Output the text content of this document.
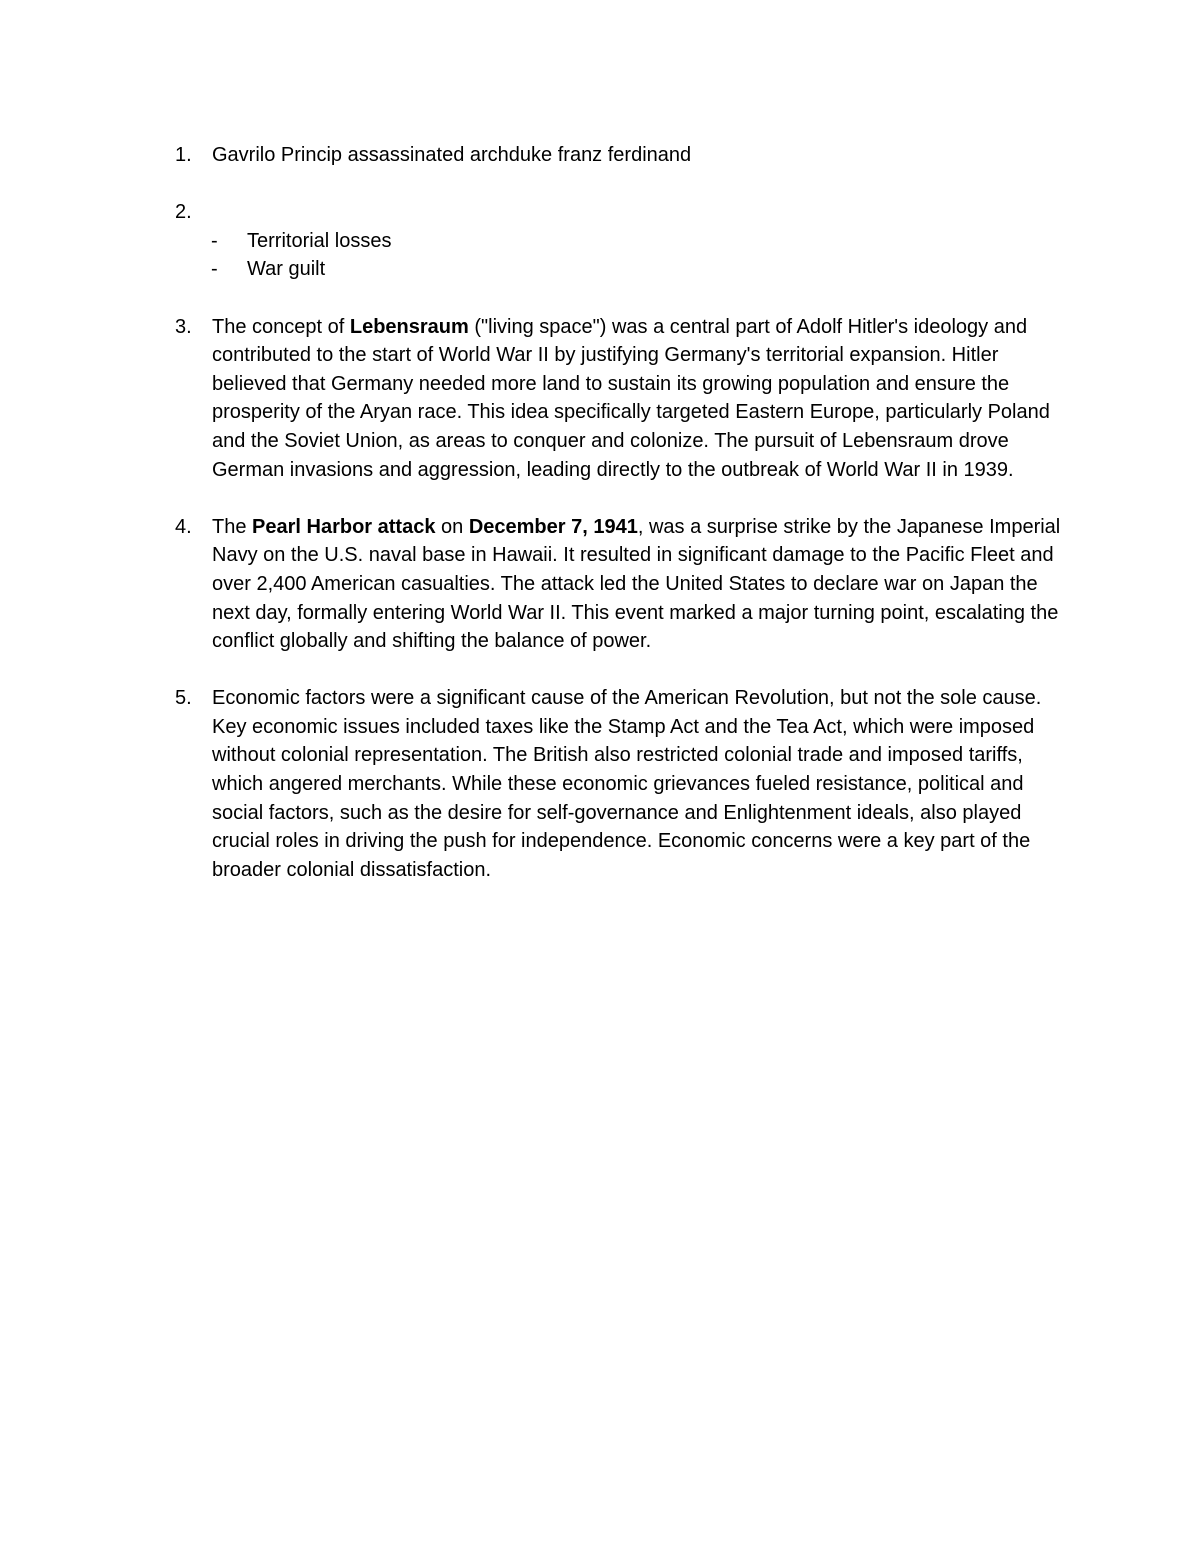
1.	Gavrilo Princip assassinated archduke franz ferdinand
2.
-	Territorial losses
-	War guilt
3.	The concept of Lebensraum ("living space") was a central part of Adolf Hitler's ideology and contributed to the start of World War II by justifying Germany's territorial expansion. Hitler believed that Germany needed more land to sustain its growing population and ensure the prosperity of the Aryan race. This idea specifically targeted Eastern Europe, particularly Poland and the Soviet Union, as areas to conquer and colonize. The pursuit of Lebensraum drove German invasions and aggression, leading directly to the outbreak of World War II in 1939.
4.	The Pearl Harbor attack on December 7, 1941, was a surprise strike by the Japanese Imperial Navy on the U.S. naval base in Hawaii. It resulted in significant damage to the Pacific Fleet and over 2,400 American casualties. The attack led the United States to declare war on Japan the next day, formally entering World War II. This event marked a major turning point, escalating the conflict globally and shifting the balance of power.
5.	Economic factors were a significant cause of the American Revolution, but not the sole cause. Key economic issues included taxes like the Stamp Act and the Tea Act, which were imposed without colonial representation. The British also restricted colonial trade and imposed tariffs, which angered merchants. While these economic grievances fueled resistance, political and social factors, such as the desire for self-governance and Enlightenment ideals, also played crucial roles in driving the push for independence. Economic concerns were a key part of the broader colonial dissatisfaction.
